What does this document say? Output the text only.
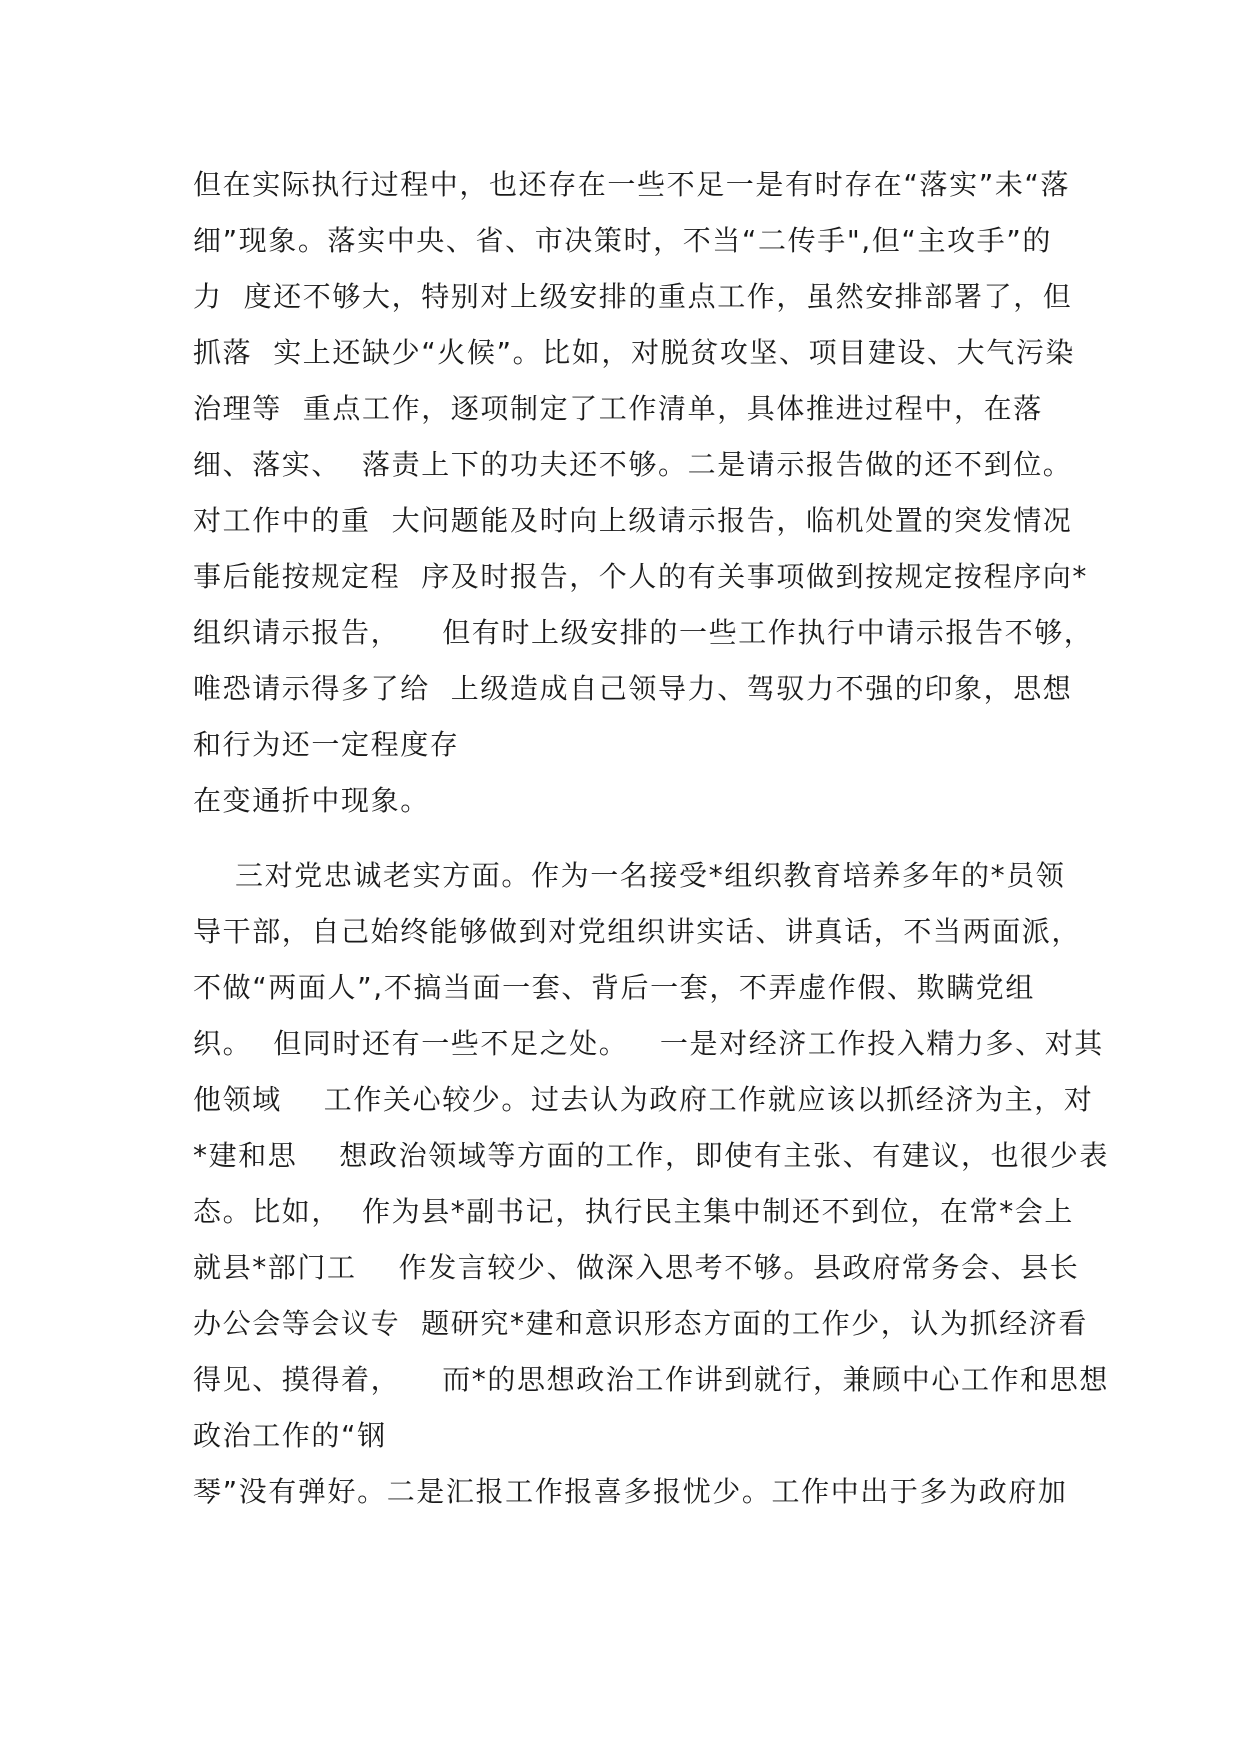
但在实际执行过程中，也还存在一些不足一是有时存在“落实”未“落

细”现象。落实中央、省、市决策时，不当“二传手",但“主攻手”的

力  度还不够大，特别对上级安排的重点工作，虽然安排部署了，但

抓落  实上还缺少“火候”。比如，对脱贫攻坚、项目建设、大气污染

治理等  重点工作，逐项制定了工作清单，具体推进过程中，在落

细、落实、  落责上下的功夫还不够。二是请示报告做的还不到位。

对工作中的重  大问题能及时向上级请示报告，临机处置的突发情况

事后能按规定程  序及时报告，个人的有关事项做到按规定按程序向*

组织请示报告，    但有时上级安排的一些工作执行中请示报告不够，

唯恐请示得多了给  上级造成自己领导力、驾驭力不强的印象，思想

和行为还一定程度存

在变通折中现象。

三对党忠诚老实方面。作为一名接受*组织教育培养多年的*员领

导干部，自己始终能够做到对党组织讲实话、讲真话，不当两面派，

不做“两面人”,不搞当面一套、背后一套，不弄虚作假、欺瞒党组

织。  但同时还有一些不足之处。   一是对经济工作投入精力多、对其

他领域    工作关心较少。过去认为政府工作就应该以抓经济为主，对

*建和思    想政治领域等方面的工作，即使有主张、有建议，也很少表

态。比如，  作为县*副书记，执行民主集中制还不到位，在常*会上

就县*部门工    作发言较少、做深入思考不够。县政府常务会、县长

办公会等会议专  题研究*建和意识形态方面的工作少，认为抓经济看

得见、摸得着，    而*的思想政治工作讲到就行，兼顾中心工作和思想

政治工作的“钢

琴”没有弹好。二是汇报工作报喜多报忧少。工作中出于多为政府加
